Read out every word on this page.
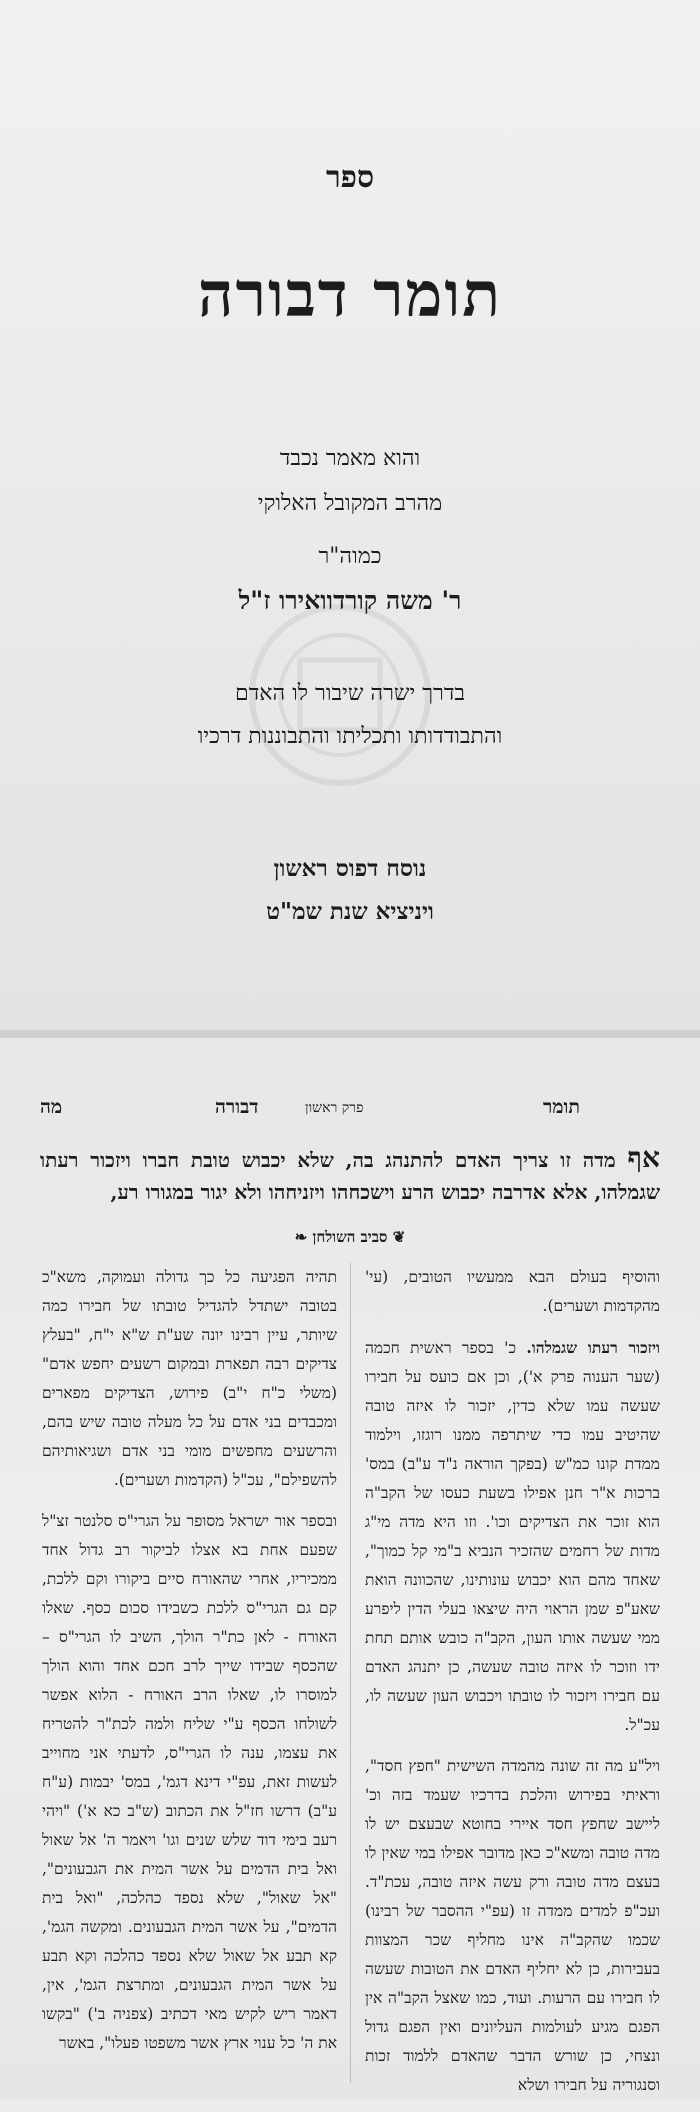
ספר
תומר דבורה
והוא מאמר נכבד
מהרב המקובל האלוקי
כמוה"ר
ר' משה קורדוואירו ז"ל
בדרך ישרה שיבור לו האדם
והתבודדותו ותכליתו והתבוננות דרכיו
נוסח דפוס ראשון
ויניציא שנת שמ"ט
תומר
פרק ראשון
דבורה
מה
אף מדה זו צריך האדם להתנהג בה, שלא יכבוש טובת חברו ויזכור רעתו שגמלהו, אלא אדרבה יכבוש הרע וישכחהו ויזניחהו ולא יגור במגורו רע,
❦ סביב השולחן ❧

והוסיף בעולם הבא ממעשיו הטובים, (עי' מהקדמות ושערים).

ויזכור רעתו שגמלהו. כ' בספר ראשית חכמה (שער הענוה פרק א'), וכן אם כועס על חבירו שעשה עמו שלא כדין, יזכור לו איזה טובה שהיטיב עמו כדי שיתרפה ממנו רוגזו, וילמוד ממדת קונו כמ"ש (בפקך הוראה נ"ד ע"ב) במס' ברכות א"ר חנן אפילו בשעת כעסו של הקב"ה הוא זוכר את הצדיקים וכו'. וזו היא מדה מי"ג מדות של רחמים שהזכיר הנביא ב"מי קל כמוך", שאחד מהם הוא יכבוש עונותינו, שהכוונה הואת שאע"פ שמן הראוי היה שיצאו בעלי הדין ליפרע ממי שעשה אותו העון, הקב"ה כובש אותם תחת ידו וזוכר לו איזה טובה שעשה, כן יתנהג האדם עם חבירו ויזכור לו טובתו ויכבוש העון שעשה לו, עכ"ל.

ויל"ע מה זה שונה מהמדה השישית "חפץ חסד", וראיתי בפירוש והלכת בדרכיו שעמד בזה וכ' ליישב שחפץ חסד איירי בחוטא שבעצם יש לו מדה טובה ומשא"כ כאן מדובר אפילו במי שאין לו בעצם מדה טובה ורק עשה איזה טובה, עכת"ד. ועכ"פ למדים ממדה זו (עפ"י ההסבר של רבינו) שכמו שהקב"ה אינו מחליף שכר המצוות בעבירות, כן לא יחליף האדם את הטובות שעשה לו חבירו עם הרעות. ועוד, כמו שאצל הקב"ה אין הפגם מגיע לעולמות העליונים ואין הפגם גדול ונצחי, כן שורש הדבר שהאדם ללמוד זכות וסנגוריה על חבירו ושלא

תהיה הפגיעה כל כך גדולה ועמוקה, משא"כ בטובה ישתדל להגדיל טובתו של חבירו כמה שיותר, עיין רבינו יונה שע"ת ש"א י"ח, "בעלץ צדיקים רבה תפארת ובמקום רשעים יחפש אדם" (משלי כ"ח י"ב) פירוש, הצדיקים מפארים ומכבדים בני אדם על כל מעלה טובה שיש בהם, והרשעים מחפשים מומי בני אדם ושגיאותיהם להשפילם", עכ"ל (הקדמות ושערים).

ובספר אור ישראל מסופר על הגרי"ס סלנטר זצ"ל שפעם אחת בא אצלו לביקור רב גדול אחד ממכיריו, אחרי שהאורח סיים ביקורו וקם ללכת, קם גם הגרי"ס ללכת כשבידו סכום כסף. שאלו האורח - לאן כת"ר הולך, השיב לו הגרי"ס – שהכסף שבידו שייך לרב חכם אחד והוא הולך למוסרו לו, שאלו הרב האורח - הלוא אפשר לשולחו הכסף ע"י שליח ולמה לכת"ר להטריח את עצמו, ענה לו הגרי"ס, לדעתי אני מחוייב לעשות זאת, עפ"י דינא דגמ', במס' יבמות (ע"ח ע"ב) דרשו חז"ל את הכתוב (ש"ב כא א') "ויהי רעב בימי דוד שלש שנים וגו' ויאמר ה' אל שאול ואל בית הדמים על אשר המית את הגבעונים", "אל שאול", שלא נספד כהלכה, "ואל בית הדמים", על אשר המית הגבעונים. ומקשה הגמ', קא תבע אל שאול שלא נספד כהלכה וקא תבע על אשר המית הגבעונים, ומתרצת הגמ', אין, דאמר ריש לקיש מאי דכתיב (צפניה ב') "בקשו את ה' כל ענוי ארץ אשר משפטו פעלו", באשר
